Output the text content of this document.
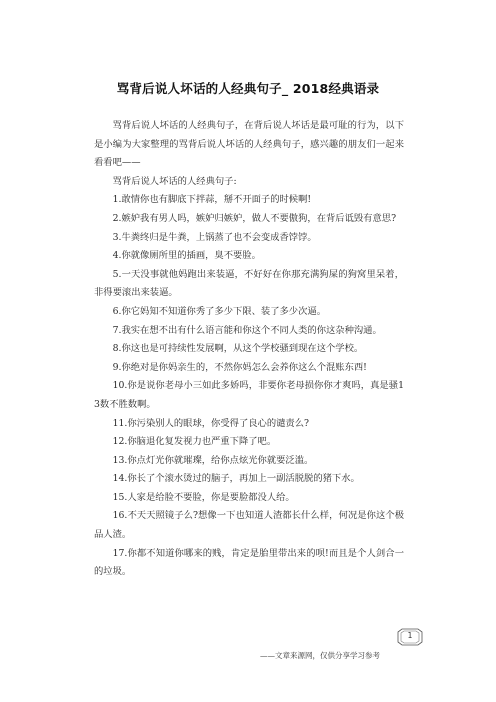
骂背后说人坏话的人经典句子_ 2018经典语录

骂背后说人坏话的人经典句子，在背后说人坏话是最可耻的行为，以下是小编为大家整理的骂背后说人坏话的人经典句子，感兴趣的朋友们一起来看看吧——

骂背后说人坏话的人经典句子:

1.敢情你也有脚底下拌蒜，掰不开面子的时候啊!

2.嫉妒我有男人吗，嫉妒归嫉妒，做人不要傲狗，在背后诋毁有意思?

3.牛粪终归是牛粪，上锅蒸了也不会变成香饽饽。

4.你就像厕所里的插画，臭不要脸。

5.一天没事就他妈跑出来装逼，不好好在你那充满狗屎的狗窝里呆着，非得要滚出来装逼。

6.你它妈知不知道你秀了多少下限、装了多少次逼。

7.我实在想不出有什么语言能和你这个不同人类的你这杂种沟通。

8.你这也是可持续性发展啊，从这个学校骚到现在这个学校。

9.你绝对是你妈亲生的，不然你妈怎么会养你这么个混账东西!

10.你是说你老母小三如此多娇吗，非要你老母损你你才爽吗，真是骚13数不胜数啊。

11.你污染别人的眼球，你受得了良心的谴责么?

12.你脑退化复发视力也严重下降了吧。

13.你点灯光你就璀璨，给你点炫光你就要泛滥。

14.你长了个滚水烫过的脑子，再加上一副活脱脱的猪下水。

15.人家是给脸不要脸，你是要脸都没人给。

16.不天天照镜子么?想像一下也知道人渣都长什么样，何况是你这个极品人渣。

17.你都不知道你哪来的贱，肯定是胎里带出来的呗!而且是个人剑合一的垃圾。

1
——文章来源网，仅供分享学习参考
